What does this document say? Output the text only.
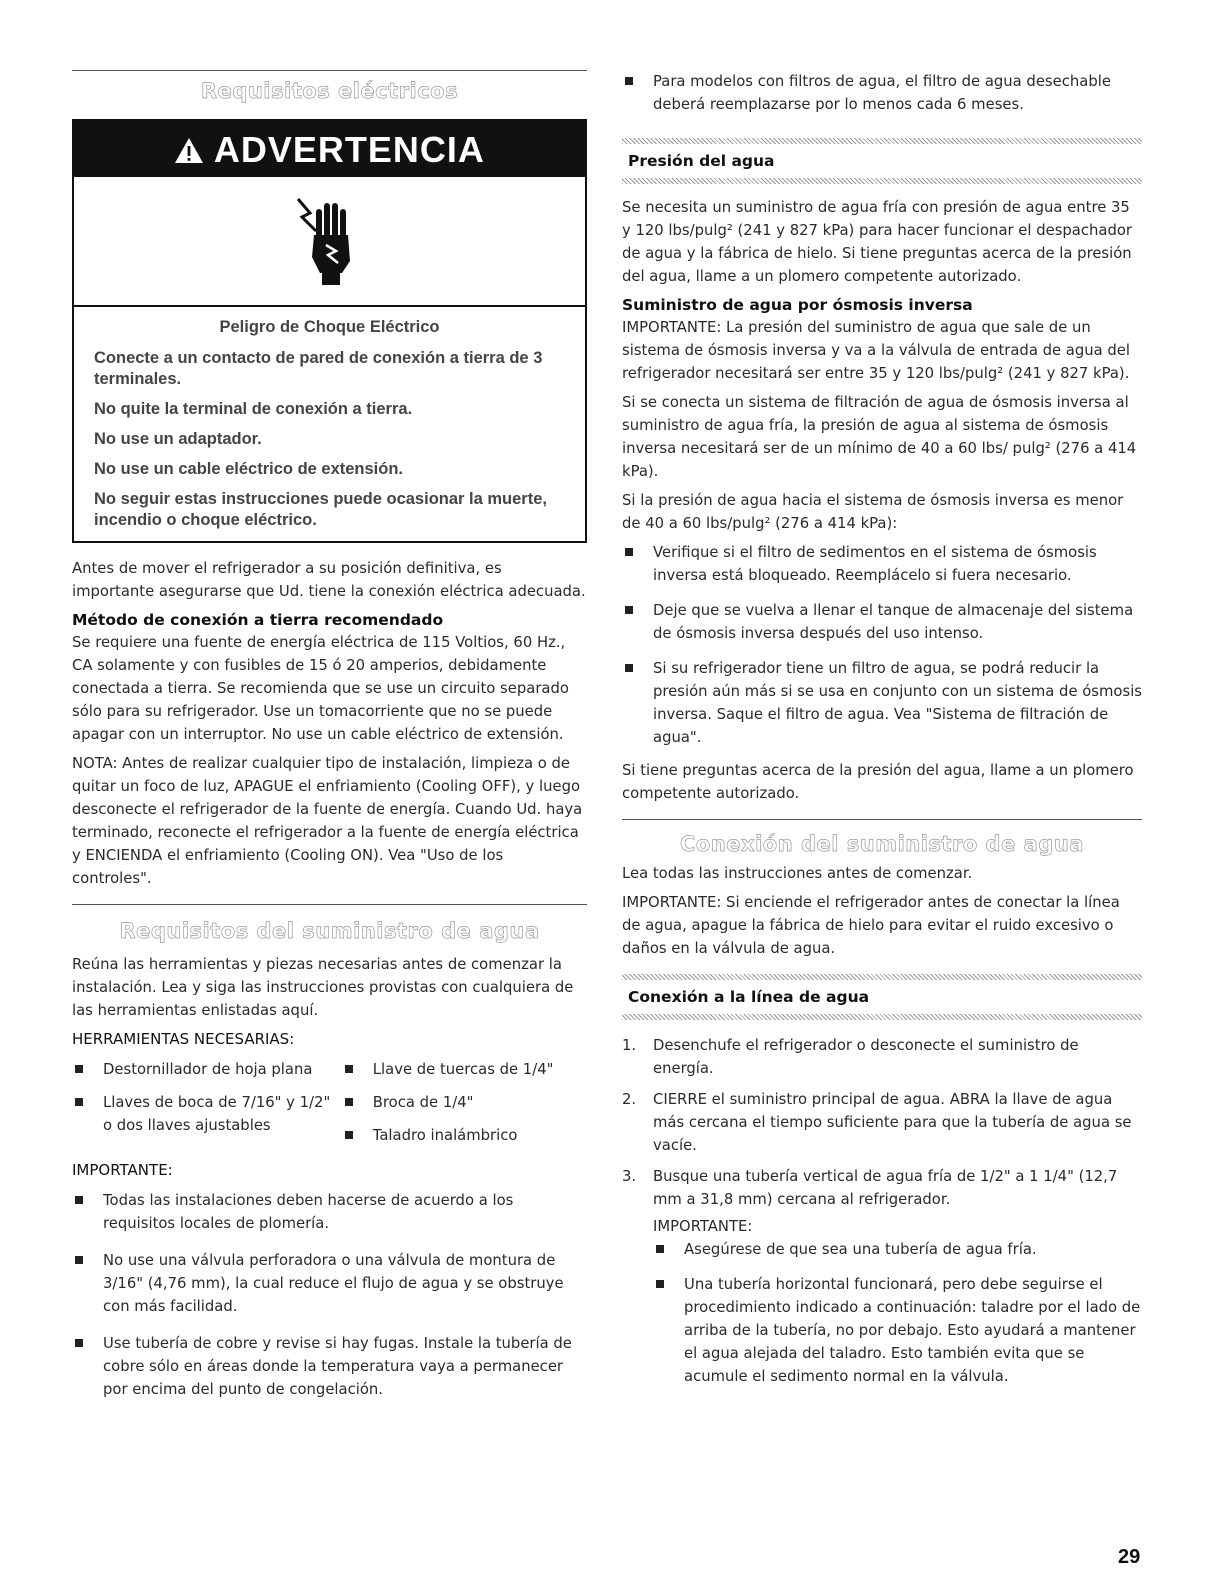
Requisitos eléctricos
ADVERTENCIA
Peligro de Choque Eléctrico
Conecte a un contacto de pared de conexión a tierra de 3 terminales.
No quite la terminal de conexión a tierra.
No use un adaptador.
No use un cable eléctrico de extensión.
No seguir estas instrucciones puede ocasionar la muerte, incendio o choque eléctrico.

Antes de mover el refrigerador a su posición definitiva, es importante asegurarse que Ud. tiene la conexión eléctrica adecuada.

Método de conexión a tierra recomendado

Se requiere una fuente de energía eléctrica de 115 Voltios, 60 Hz., CA solamente y con fusibles de 15 ó 20 amperios, debidamente conectada a tierra. Se recomienda que se use un circuito separado sólo para su refrigerador. Use un tomacorriente que no se puede apagar con un interruptor. No use un cable eléctrico de extensión.

NOTA: Antes de realizar cualquier tipo de instalación, limpieza o de quitar un foco de luz, APAGUE el enfriamiento (Cooling OFF), y luego desconecte el refrigerador de la fuente de energía. Cuando Ud. haya terminado, reconecte el refrigerador a la fuente de energía eléctrica y ENCIENDA el enfriamiento (Cooling ON). Vea "Uso de los controles".

Requisitos del suministro de agua

Reúna las herramientas y piezas necesarias antes de comenzar la instalación. Lea y siga las instrucciones provistas con cualquiera de las herramientas enlistadas aquí.

HERRAMIENTAS NECESARIAS:
Destornillador de hoja plana
Llaves de boca de 7/16" y 1/2" o dos llaves ajustables
Llave de tuercas de 1/4"
Broca de 1/4"
Taladro inalámbrico
IMPORTANTE:
Todas las instalaciones deben hacerse de acuerdo a los requisitos locales de plomería.
No use una válvula perforadora o una válvula de montura de 3/16" (4,76 mm), la cual reduce el flujo de agua y se obstruye con más facilidad.
Use tubería de cobre y revise si hay fugas. Instale la tubería de cobre sólo en áreas donde la temperatura vaya a permanecer por encima del punto de congelación.
Para modelos con filtros de agua, el filtro de agua desechable deberá reemplazarse por lo menos cada 6 meses.
Presión del agua

Se necesita un suministro de agua fría con presión de agua entre 35 y 120 lbs/pulg² (241 y 827 kPa) para hacer funcionar el despachador de agua y la fábrica de hielo. Si tiene preguntas acerca de la presión del agua, llame a un plomero competente autorizado.

Suministro de agua por ósmosis inversa

IMPORTANTE: La presión del suministro de agua que sale de un sistema de ósmosis inversa y va a la válvula de entrada de agua del refrigerador necesitará ser entre 35 y 120 lbs/pulg² (241 y 827 kPa).

Si se conecta un sistema de filtración de agua de ósmosis inversa al suministro de agua fría, la presión de agua al sistema de ósmosis inversa necesitará ser de un mínimo de 40 a 60 lbs/ pulg² (276 a 414 kPa).

Si la presión de agua hacia el sistema de ósmosis inversa es menor de 40 a 60 lbs/pulg² (276 a 414 kPa):

Verifique si el filtro de sedimentos en el sistema de ósmosis inversa está bloqueado. Reemplácelo si fuera necesario.
Deje que se vuelva a llenar el tanque de almacenaje del sistema de ósmosis inversa después del uso intenso.
Si su refrigerador tiene un filtro de agua, se podrá reducir la presión aún más si se usa en conjunto con un sistema de ósmosis inversa. Saque el filtro de agua. Vea "Sistema de filtración de agua".

Si tiene preguntas acerca de la presión del agua, llame a un plomero competente autorizado.

Conexión del suministro de agua

Lea todas las instrucciones antes de comenzar.

IMPORTANTE: Si enciende el refrigerador antes de conectar la línea de agua, apague la fábrica de hielo para evitar el ruido excesivo o daños en la válvula de agua.

Conexión a la línea de agua
1. Desenchufe el refrigerador o desconecte el suministro de energía.
2. CIERRE el suministro principal de agua. ABRA la llave de agua más cercana el tiempo suficiente para que la tubería de agua se vacíe.
3. Busque una tubería vertical de agua fría de 1/2" a 1 1/4" (12,7 mm a 31,8 mm) cercana al refrigerador.
IMPORTANTE:
Asegúrese de que sea una tubería de agua fría.
Una tubería horizontal funcionará, pero debe seguirse el procedimiento indicado a continuación: taladre por el lado de arriba de la tubería, no por debajo. Esto ayudará a mantener el agua alejada del taladro. Esto también evita que se acumule el sedimento normal en la válvula.
29
